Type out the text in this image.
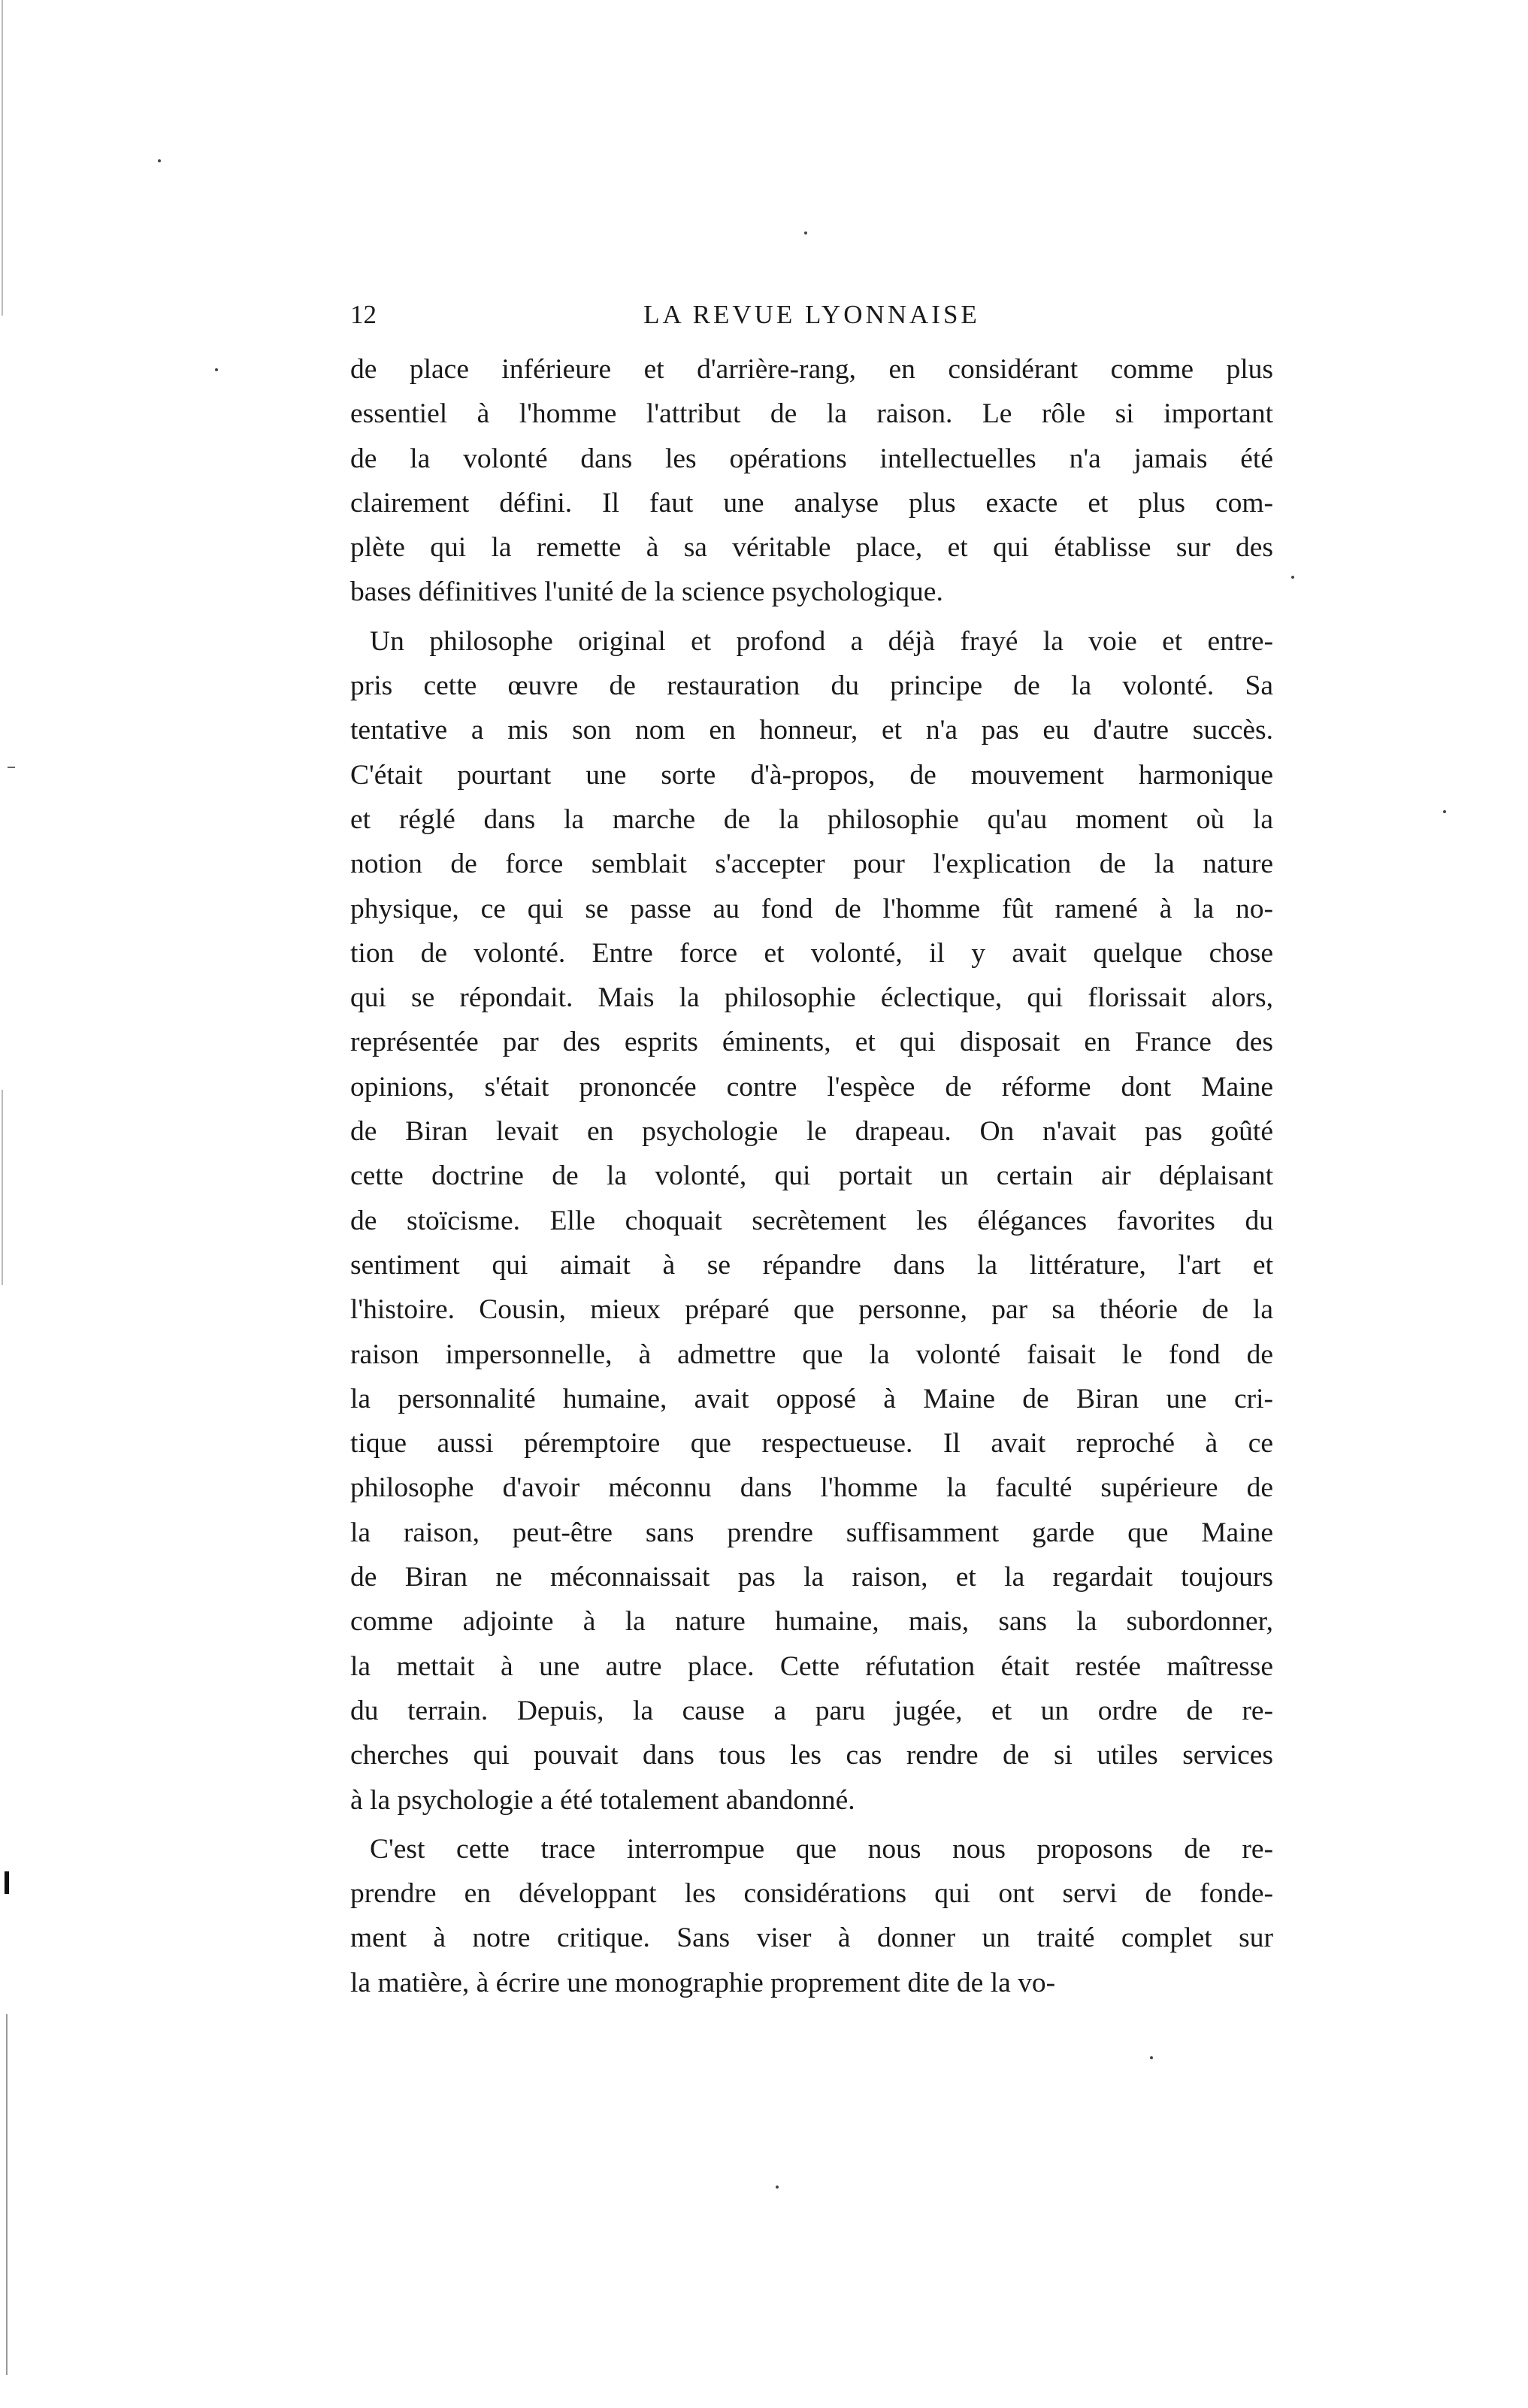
12	LA REVUE LYONNAISE
de place inférieure et d'arrière-rang, en considérant comme plus
essentiel à l'homme l'attribut de la raison. Le rôle si important
de la volonté dans les opérations intellectuelles n'a jamais été
clairement défini. Il faut une analyse plus exacte et plus com-
plète qui la remette à sa véritable place, et qui établisse sur des
bases définitives l'unité de la science psychologique.
Un philosophe original et profond a déjà frayé la voie et entre-
pris cette œuvre de restauration du principe de la volonté. Sa
tentative a mis son nom en honneur, et n'a pas eu d'autre succès.
C'était pourtant une sorte d'à-propos, de mouvement harmonique
et réglé dans la marche de la philosophie qu'au moment où la
notion de force semblait s'accepter pour l'explication de la nature
physique, ce qui se passe au fond de l'homme fût ramené à la no-
tion de volonté. Entre force et volonté, il y avait quelque chose
qui se répondait. Mais la philosophie éclectique, qui florissait alors,
représentée par des esprits éminents, et qui disposait en France des
opinions, s'était prononcée contre l'espèce de réforme dont Maine
de Biran levait en psychologie le drapeau. On n'avait pas goûté
cette doctrine de la volonté, qui portait un certain air déplaisant
de stoïcisme. Elle choquait secrètement les élégances favorites du
sentiment qui aimait à se répandre dans la littérature, l'art et
l'histoire. Cousin, mieux préparé que personne, par sa théorie de la
raison impersonnelle, à admettre que la volonté faisait le fond de
la personnalité humaine, avait opposé à Maine de Biran une cri-
tique aussi péremptoire que respectueuse. Il avait reproché à ce
philosophe d'avoir méconnu dans l'homme la faculté supérieure de
la raison, peut-être sans prendre suffisamment garde que Maine
de Biran ne méconnaissait pas la raison, et la regardait toujours
comme adjointe à la nature humaine, mais, sans la subordonner,
la mettait à une autre place. Cette réfutation était restée maîtresse
du terrain. Depuis, la cause a paru jugée, et un ordre de re-
cherches qui pouvait dans tous les cas rendre de si utiles services
à la psychologie a été totalement abandonné.
C'est cette trace interrompue que nous nous proposons de re-
prendre en développant les considérations qui ont servi de fonde-
ment à notre critique. Sans viser à donner un traité complet sur
la matière, à écrire une monographie proprement dite de la vo-
